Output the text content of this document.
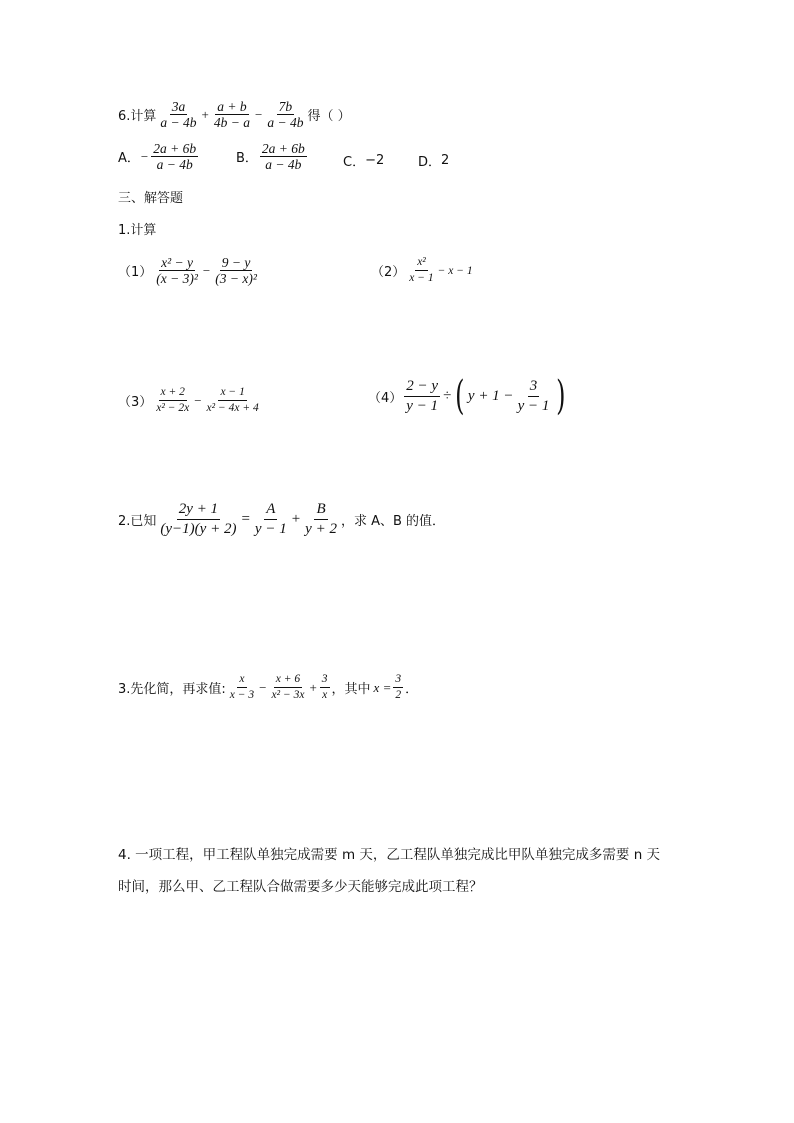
6.计算 $\frac{3a}{a - 4b} + \frac{a + b}{4b - a} - \frac{7b}{a - 4b}$ 得（ ）
A． − $\frac{2a + 6b}{a - 4b}$	B． $\frac{2a + 6b}{a - 4b}$	C． −2	D． 2
三、解答题
1.计算
$(1) \frac{\text{x² − y}}{\text{(x − 3)²}} - \frac{9 - y}{\text{(3 − x)²}}$	$(2) \frac{\text{x²}}{x - 1} - x - 1$
$(3) \frac{x + 2}{\text{x² − 2x}} - \frac{x - 1}{\text{x² − 4x + 4}}$	$(4) \frac{2 - y}{y - 1}$ ÷ ( $y + 1 - \frac{3}{y - 1}$ )
2.已知 $\frac{2y + 1}{(y-1)(y + 2)} = \frac{A}{y - 1} + \frac{B}{y + 2}$ ，求 A、B 的值．
3.先化简，再求值: $\frac{x}{x - 3} - \frac{x + 6}{\text{x² − 3x}} + \frac{3}{x}$ ，其中 $x = \frac{3}{2}$ ．
4. 一项工程，甲工程队单独完成需要 m 天，乙工程队单独完成比甲队单独完成多需要 n 天
时间，那么甲、乙工程队合做需要多少天能够完成此项工程？
